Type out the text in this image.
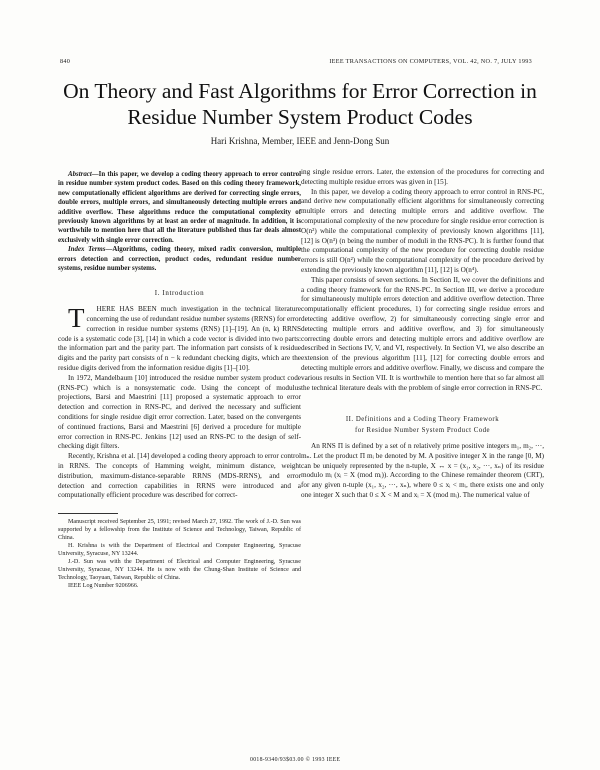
840	IEEE TRANSACTIONS ON COMPUTERS, VOL. 42, NO. 7, JULY 1993
On Theory and Fast Algorithms for Error Correction in Residue Number System Product Codes
Hari Krishna, Member, IEEE and Jenn-Dong Sun

Abstract—In this paper, we develop a coding theory approach to error control in residue number system product codes. Based on this coding theory framework, new computationally efficient algorithms are derived for correcting single errors, double errors, multiple errors, and simultaneously detecting multiple errors and additive overflow. These algorithms reduce the computational complexity of previously known algorithms by at least an order of magnitude. In addition, it is worthwhile to mention here that all the literature published thus far deals almost exclusively with single error correction.

Index Terms—Algorithms, coding theory, mixed radix conversion, multiple errors detection and correction, product codes, redundant residue number systems, residue number systems.

I. Introduction

T HERE HAS BEEN much investigation in the technical literature concerning the use of redundant residue number systems (RRNS) for error correction in residue number systems (RNS) [1]–[19]. An (n, k) RRNS code is a systematic code [3], [14] in which a code vector is divided into two parts: the information part and the parity part. The information part consists of k residue digits and the parity part consists of n − k redundant checking digits, which are the residue digits derived from the information residue digits [1]–[10].

In 1972, Mandelbaum [10] introduced the residue number system product code (RNS-PC) which is a nonsystematic code. Using the concept of modulus projections, Barsi and Maestrini [11] proposed a systematic approach to error detection and correction in RNS-PC, and derived the necessary and sufficient conditions for single residue digit error correction. Later, based on the convergents of continued fractions, Barsi and Maestrini [6] derived a procedure for multiple error correction in RNS-PC. Jenkins [12] used an RNS-PC to the design of self-checking digit filters.

Recently, Krishna et al. [14] developed a coding theory approach to error control in RRNS. The concepts of Hamming weight, minimum distance, weight distribution, maximum-distance-separable RRNS (MDS-RRNS), and error detection and correction capabilities in RRNS were introduced and a computationally efficient procedure was described for correct-

Manuscript received September 25, 1991; revised March 27, 1992. The work of J.-D. Sun was supported by a fellowship from the Institute of Science and Technology, Taiwan, Republic of China.

H. Krishna is with the Department of Electrical and Computer Engineering, Syracuse University, Syracuse, NY 13244.

J.-D. Sun was with the Department of Electrical and Computer Engineering, Syracuse University, Syracuse, NY 13244. He is now with the Chung-Shan Institute of Science and Technology, Taoyuan, Taiwan, Republic of China.

IEEE Log Number 9206966.

ing single residue errors. Later, the extension of the procedures for correcting and detecting multiple residue errors was given in [15].

In this paper, we develop a coding theory approach to error control in RNS-PC, and derive new computationally efficient algorithms for simultaneously correcting multiple errors and detecting multiple errors and additive overflow. The computational complexity of the new procedure for single residue error correction is O(n²) while the computational complexity of previously known algorithms [11], [12] is O(n³) (n being the number of moduli in the RNS-PC). It is further found that the computational complexity of the new procedure for correcting double residue errors is still O(n²) while the computational complexity of the procedure derived by extending the previously known algorithm [11], [12] is O(n⁴).

This paper consists of seven sections. In Section II, we cover the definitions and a coding theory framework for the RNS-PC. In Section III, we derive a procedure for simultaneously multiple errors detection and additive overflow detection. Three computationally efficient procedures, 1) for correcting single residue errors and detecting additive overflow, 2) for simultaneously correcting single error and detecting multiple errors and additive overflow, and 3) for simultaneously correcting double errors and detecting multiple errors and additive overflow are described in Sections IV, V, and VI, respectively. In Section VI, we also describe an extension of the previous algorithm [11], [12] for correcting double errors and detecting multiple errors and additive overflow. Finally, we discuss and compare the various results in Section VII. It is worthwhile to mention here that so far almost all the technical literature deals with the problem of single error correction in RNS-PC.

II. Definitions and a Coding Theory Framework
for Residue Number System Product Code

An RNS Π is defined by a set of n relatively prime positive integers m₁, m₂, ···, mₙ. Let the product Π mᵢ be denoted by M. A positive integer X in the range [0, M) can be uniquely represented by the n-tuple, X ↔ x = (x₁, x₂, ···, xₙ) of its residue modulo mᵢ (xᵢ = X (mod mᵢ)). According to the Chinese remainder theorem (CRT), for any given n-tuple (x₁, x₂, ···, xₙ), where 0 ≤ xᵢ < mᵢ, there exists one and only one integer X such that 0 ≤ X < M and xᵢ = X (mod mᵢ). The numerical value of

0018-9340/93$03.00 © 1993 IEEE
